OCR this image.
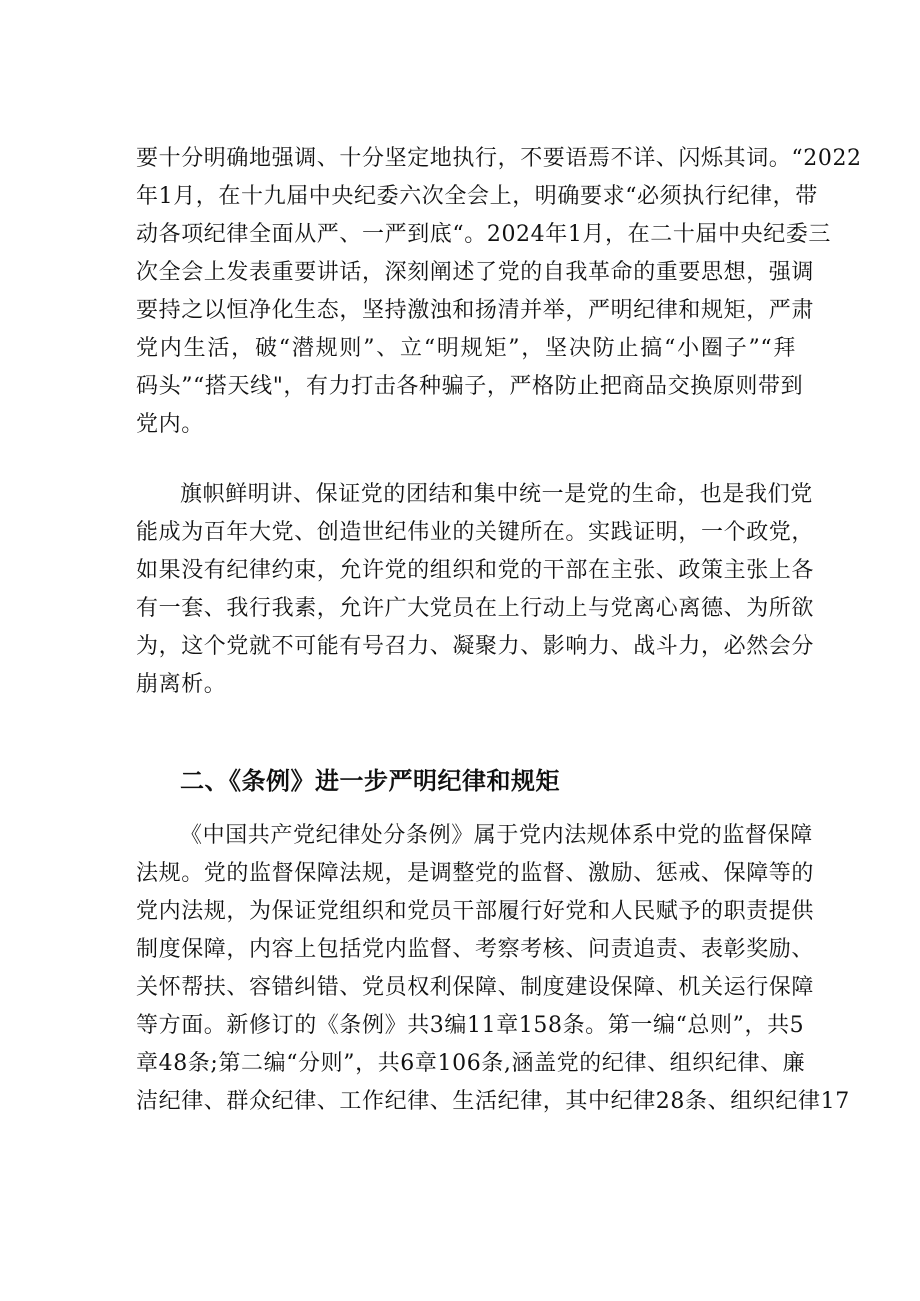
要十分明确地强调、十分坚定地执行，不要语焉不详、闪烁其词。“2022
年1月，在十九届中央纪委六次全会上，明确要求“必须执行纪律，带
动各项纪律全面从严、一严到底“。2024年1月，在二十届中央纪委三
次全会上发表重要讲话，深刻阐述了党的自我革命的重要思想，强调
要持之以恒净化生态，坚持激浊和扬清并举，严明纪律和规矩，严肃
党内生活，破“潜规则”、立“明规矩”，坚决防止搞“小圈子”“拜
码头”“搭天线"，有力打击各种骗子，严格防止把商品交换原则带到
党内。
旗帜鲜明讲、保证党的团结和集中统一是党的生命，也是我们党
能成为百年大党、创造世纪伟业的关键所在。实践证明，一个政党，
如果没有纪律约束，允许党的组织和党的干部在主张、政策主张上各
有一套、我行我素，允许广大党员在上行动上与党离心离德、为所欲
为，这个党就不可能有号召力、凝聚力、影响力、战斗力，必然会分
崩离析。
二、《条例》进一步严明纪律和规矩
《中国共产党纪律处分条例》属于党内法规体系中党的监督保障
法规。党的监督保障法规，是调整党的监督、激励、惩戒、保障等的
党内法规，为保证党组织和党员干部履行好党和人民赋予的职责提供
制度保障，内容上包括党内监督、考察考核、问责追责、表彰奖励、
关怀帮扶、容错纠错、党员权利保障、制度建设保障、机关运行保障
等方面。新修订的《条例》共3编11章158条。第一编“总则”，共5
章48条;第二编“分则”，共6章106条,涵盖党的纪律、组织纪律、廉
洁纪律、群众纪律、工作纪律、生活纪律，其中纪律28条、组织纪律17
